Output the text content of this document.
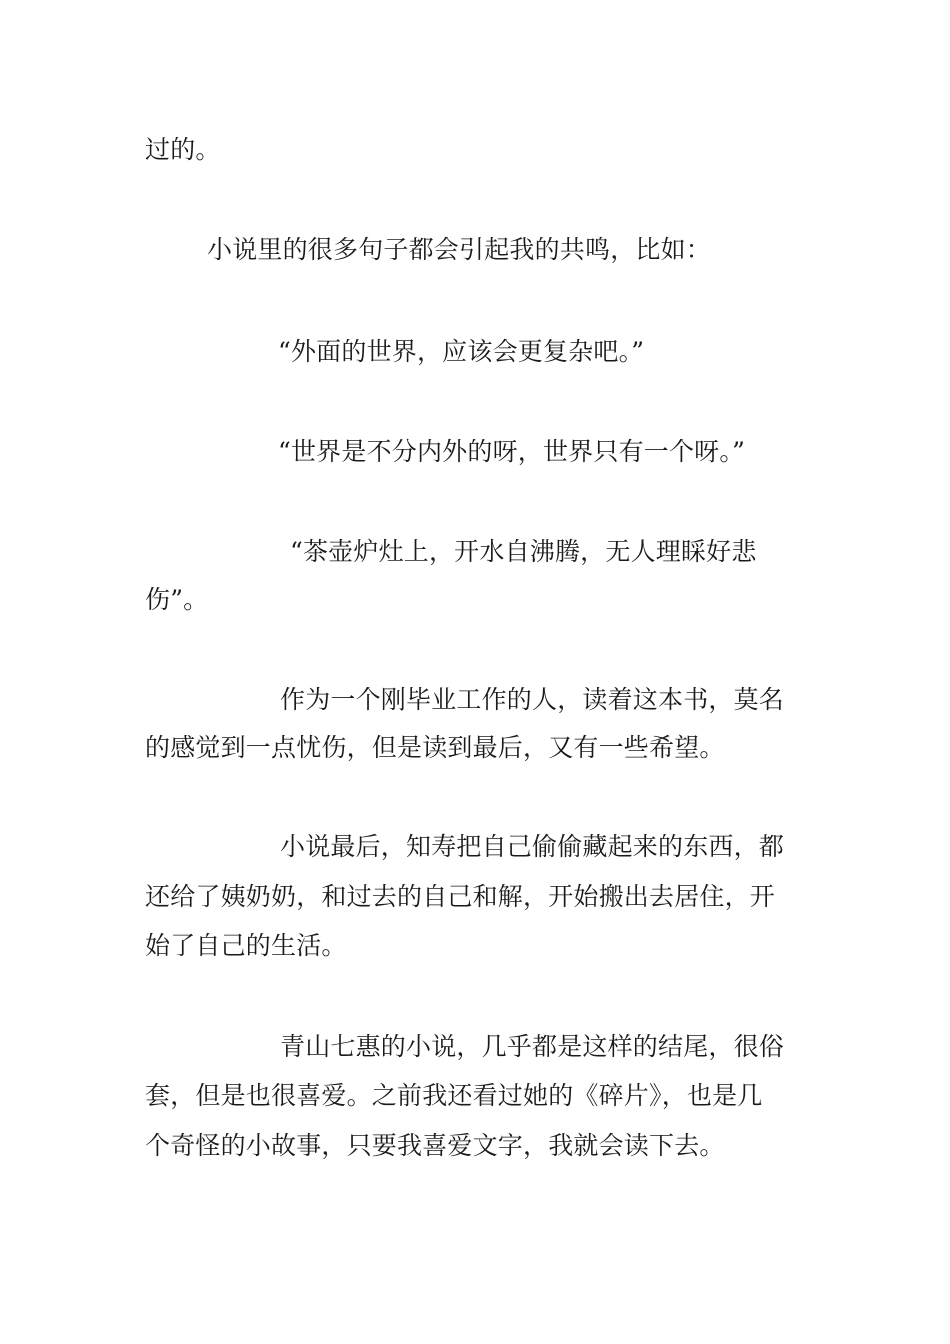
过的。
小说里的很多句子都会引起我的共鸣，比如：
“外面的世界，应该会更复杂吧。”
“世界是不分内外的呀，世界只有一个呀。”
“茶壶炉灶上，开水自沸腾，无人理睬好悲
伤”。
作为一个刚毕业工作的人，读着这本书，莫名
的感觉到一点忧伤，但是读到最后，又有一些希望。
小说最后，知寿把自己偷偷藏起来的东西，都
还给了姨奶奶，和过去的自己和解，开始搬出去居住，开
始了自己的生活。
青山七惠的小说，几乎都是这样的结尾，很俗
套，但是也很喜爱。之前我还看过她的《碎片》，也是几
个奇怪的小故事，只要我喜爱文字，我就会读下去。
